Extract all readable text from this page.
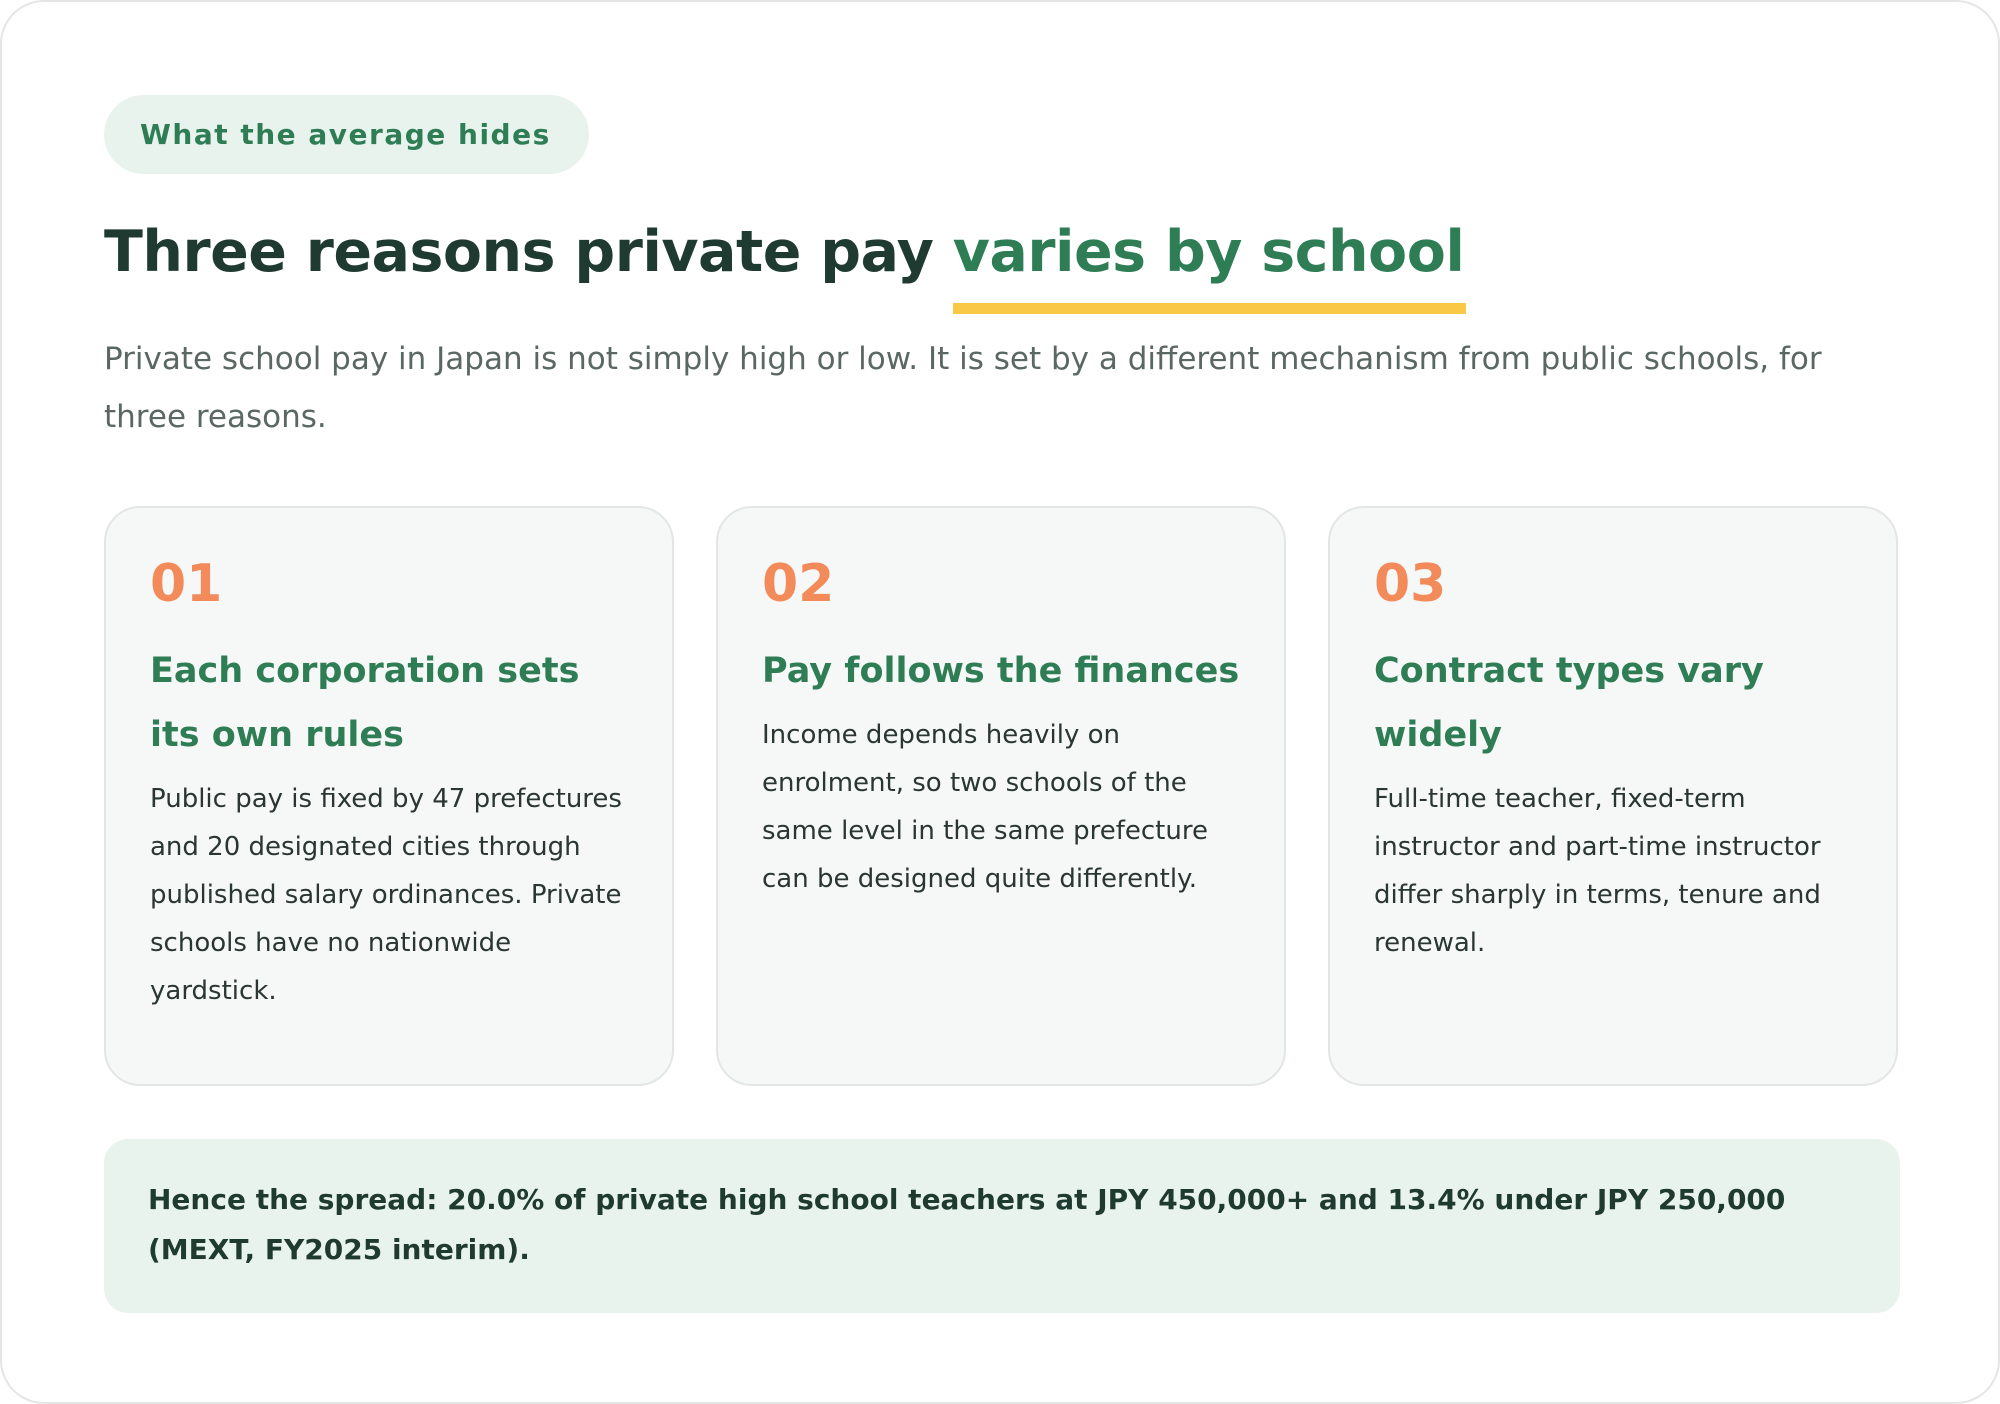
What the average hides
Three reasons private pay varies by school

Private school pay in Japan is not simply high or low. It is set by a different mechanism from public schools, for three reasons.

01
Each corporation sets its own rules
Public pay is fixed by 47 prefectures and 20 designated cities through published salary ordinances. Private schools have no nationwide yardstick.
02
Pay follows the finances
Income depends heavily on enrolment, so two schools of the same level in the same prefecture can be designed quite differently.
03
Contract types vary widely
Full-time teacher, fixed-term instructor and part-time instructor differ sharply in terms, tenure and renewal.
Hence the spread: 20.0% of private high school teachers at JPY 450,000+ and 13.4% under JPY 250,000 (MEXT, FY2025 interim).
